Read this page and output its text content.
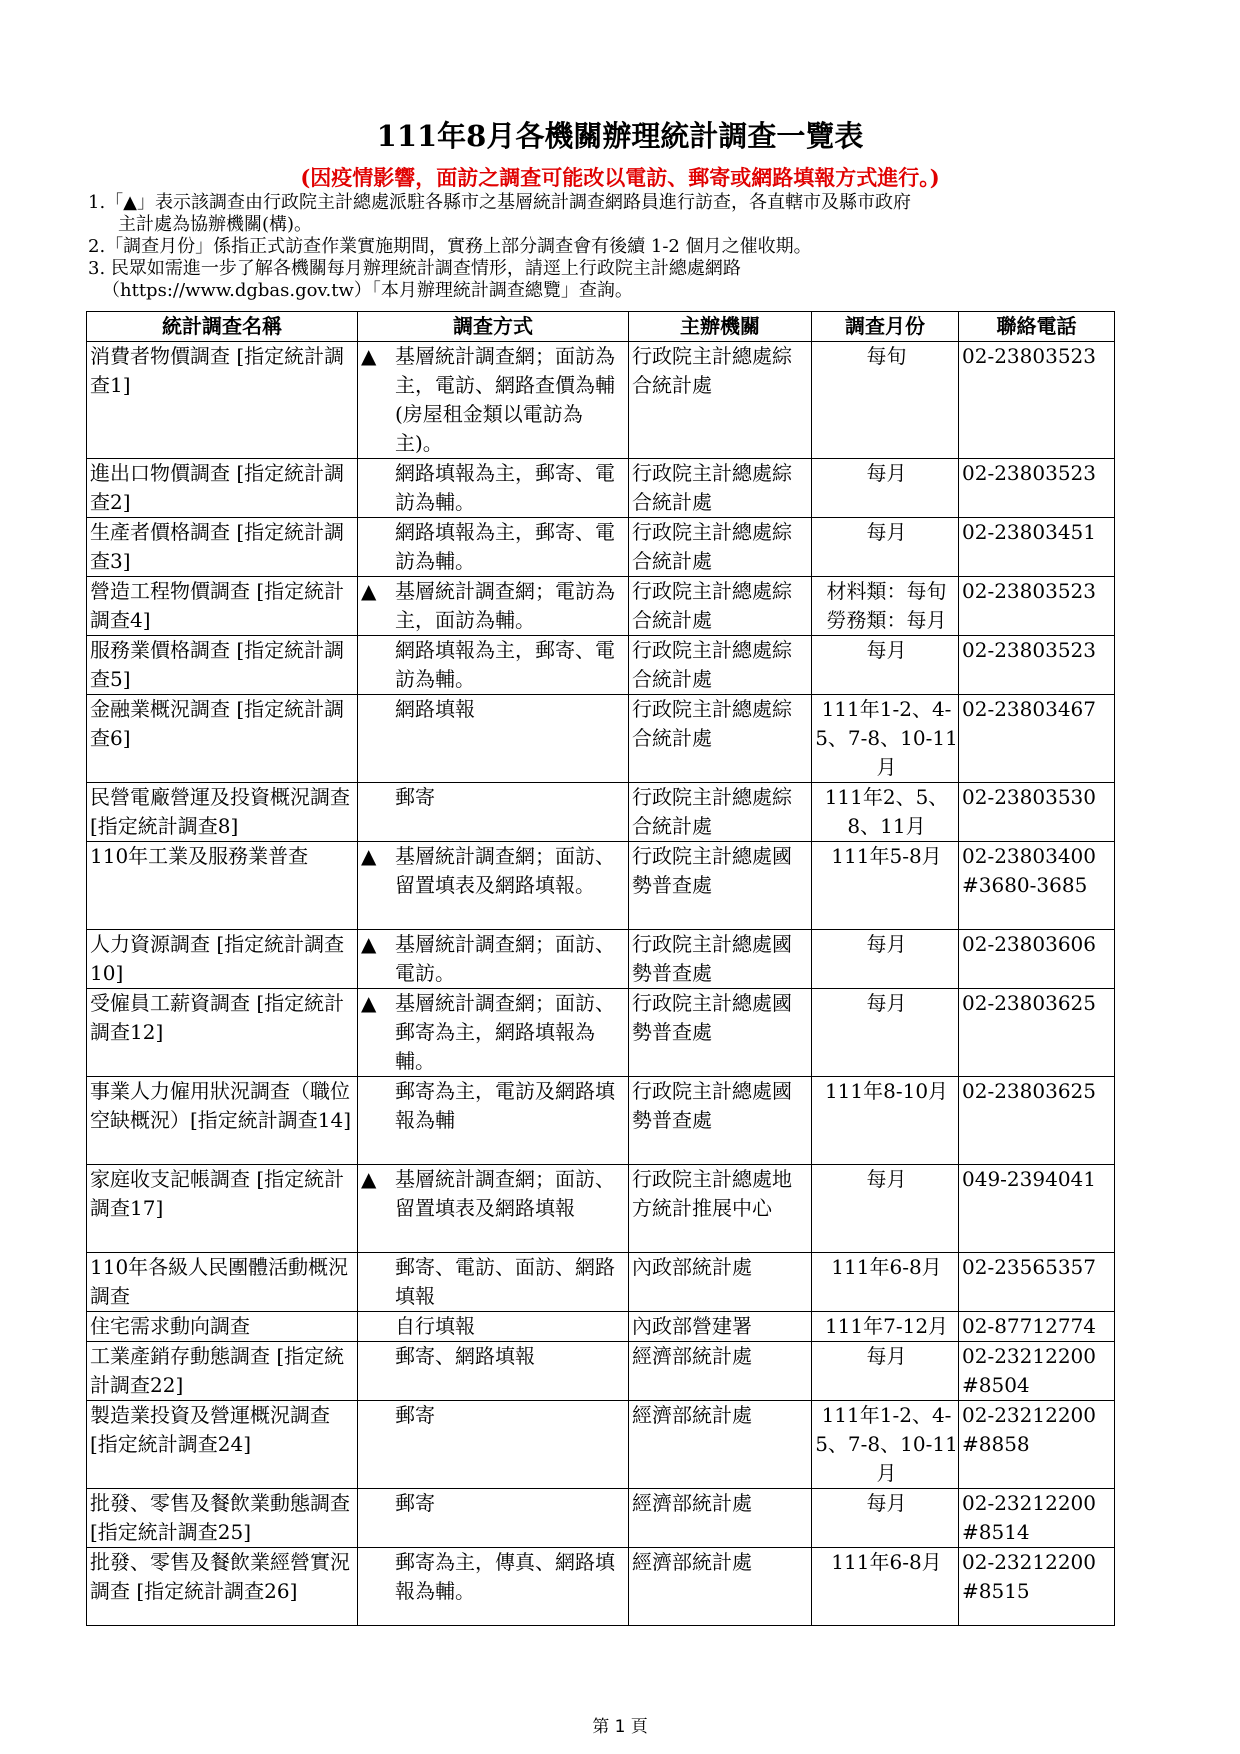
111年8月各機關辦理統計調查一覽表
(因疫情影響，面訪之調查可能改以電訪、郵寄或網路填報方式進行。)

1.「▲」表示該調查由行政院主計總處派駐各縣市之基層統計調查網路員進行訪查，各直轄市及縣市政府

主計處為協辦機關(構)。

2.「調查月份」係指正式訪查作業實施期間，實務上部分調查會有後續 1-2 個月之催收期。

3. 民眾如需進一步了解各機關每月辦理統計調查情形，請逕上行政院主計總處網路

（https://www.dgbas.gov.tw）「本月辦理統計調查總覽」查詢。

統計調查名稱	調查方式	主辦機關	調查月份	聯絡電話
消費者物價調查 [指定統計調查1]	▲ 基層統計調查網；面訪為主，電訪、網路查價為輔(房屋租金類以電訪為主)。	行政院主計總處綜合統計處	每旬	02-23803523
進出口物價調查 [指定統計調查2]	網路填報為主，郵寄、電訪為輔。	行政院主計總處綜合統計處	每月	02-23803523
生產者價格調查 [指定統計調查3]	網路填報為主，郵寄、電訪為輔。	行政院主計總處綜合統計處	每月	02-23803451
營造工程物價調查 [指定統計調查4]	▲ 基層統計調查網；電訪為主，面訪為輔。	行政院主計總處綜合統計處	材料類：每旬
勞務類：每月	02-23803523
服務業價格調查 [指定統計調查5]	網路填報為主，郵寄、電訪為輔。	行政院主計總處綜合統計處	每月	02-23803523
金融業概況調查 [指定統計調查6]	網路填報	行政院主計總處綜合統計處	111年1-2、4-5、7-8、10-11月	02-23803467
民營電廠營運及投資概況調查 [指定統計調查8]	郵寄	行政院主計總處綜合統計處	111年2、5、8、11月	02-23803530
110年工業及服務業普查	▲ 基層統計調查網；面訪、留置填表及網路填報。	行政院主計總處國勢普查處	111年5-8月	02-23803400 #3680-3685
人力資源調查 [指定統計調查10]	▲ 基層統計調查網；面訪、電訪。	行政院主計總處國勢普查處	每月	02-23803606
受僱員工薪資調查 [指定統計調查12]	▲ 基層統計調查網；面訪、郵寄為主，網路填報為輔。	行政院主計總處國勢普查處	每月	02-23803625
事業人力僱用狀況調查（職位空缺概況）[指定統計調查14]	郵寄為主，電訪及網路填報為輔	行政院主計總處國勢普查處	111年8-10月	02-23803625
家庭收支記帳調查 [指定統計調查17]	▲ 基層統計調查網；面訪、留置填表及網路填報	行政院主計總處地方統計推展中心	每月	049-2394041
110年各級人民團體活動概況調查	郵寄、電訪、面訪、網路填報	內政部統計處	111年6-8月	02-23565357
住宅需求動向調查	自行填報	內政部營建署	111年7-12月	02-87712774
工業產銷存動態調查 [指定統計調查22]	郵寄、網路填報	經濟部統計處	每月	02-23212200 #8504
製造業投資及營運概況調查 [指定統計調查24]	郵寄	經濟部統計處	111年1-2、4-5、7-8、10-11月	02-23212200 #8858
批發、零售及餐飲業動態調查 [指定統計調查25]	郵寄	經濟部統計處	每月	02-23212200 #8514
批發、零售及餐飲業經營實況調查 [指定統計調查26]	郵寄為主，傳真、網路填報為輔。	經濟部統計處	111年6-8月	02-23212200 #8515
第 1 頁
